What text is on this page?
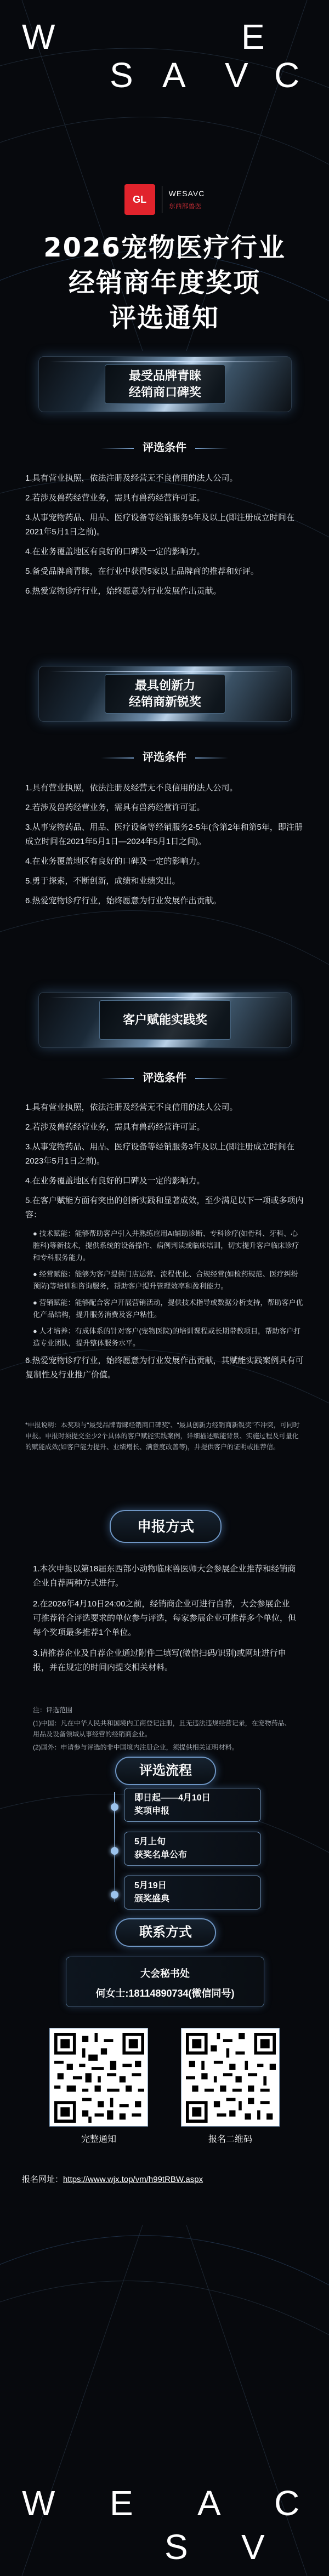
W	E
S A V C
GL
WESAVC
东西部兽医
2026宠物医疗行业
经销商年度奖项
评选通知
最受品牌青睐
经销商口碑奖
评选条件

1.具有营业执照，依法注册及经营无不良信用的法人公司。

2.若涉及兽药经营业务，需具有兽药经营许可证。

3.从事宠物药品、用品、医疗设备等经销服务5年及以上(即注册成立时间在2021年5月1日之前)。

4.在业务覆盖地区有良好的口碑及一定的影响力。

5.备受品牌商青睐，在行业中获得5家以上品牌商的推荐和好评。

6.热爱宠物诊疗行业，始终愿意为行业发展作出贡献。

最具创新力
经销商新锐奖
评选条件

1.具有营业执照，依法注册及经营无不良信用的法人公司。

2.若涉及兽药经营业务，需具有兽药经营许可证。

3.从事宠物药品、用品、医疗设备等经销服务2-5年(含第2年和第5年，即注册成立时间在2021年5月1日—2024年5月1日之间)。

4.在业务覆盖地区有良好的口碑及一定的影响力。

5.勇于探索，不断创新，成绩和业绩突出。

6.热爱宠物诊疗行业，始终愿意为行业发展作出贡献。

客户赋能实践奖
评选条件

1.具有营业执照，依法注册及经营无不良信用的法人公司。

2.若涉及兽药经营业务，需具有兽药经营许可证。

3.从事宠物药品、用品、医疗设备等经销服务3年及以上(即注册成立时间在2023年5月1日之前)。

4.在业务覆盖地区有良好的口碑及一定的影响力。

5.在客户赋能方面有突出的创新实践和显著成效，至少满足以下一项或多项内容：

● 技术赋能：能够帮助客户引入并熟练应用AI辅助诊断、专科诊疗(如骨科、牙科、心脏科)等新技术，提供系统的设备操作、病例判读或临床培训，切实提升客户临床诊疗和专科服务能力。

● 经营赋能：能够为客户提供门店运营、流程优化、合规经营(如检药规范、医疗纠纷预防)等培训和咨询服务，帮助客户提升管理效率和盈利能力。

● 营销赋能：能够配合客户开展营销活动，提供技术指导或数据分析支持，帮助客户优化产品结构，提升服务消费及客户粘性。

● 人才培养：有成体系的针对客户(宠物医院)的培训课程或长期带教项目，帮助客户打造专业团队，提升整体服务水平。

6.热爱宠物诊疗行业，始终愿意为行业发展作出贡献，其赋能实践案例具有可复制性及行业推广价值。

*申报说明：本奖项与“最受品牌青睐经销商口碑奖”、“最具创新力经销商新锐奖”不冲突，可同时申报。申报时须提交至少2个具体的客户赋能实践案例，详细描述赋能背景、实施过程及可量化的赋能成效(如客户能力提升、业绩增长、满意度改善等)，并提供客户的证明或推荐信。
申报方式

1.本次申报以第18届东西部小动物临床兽医师大会参展企业推荐和经销商企业自荐两种方式进行。

2.在2026年4月10日24:00之前，经销商企业可进行自荐，大会参展企业可推荐符合评选要求的单位参与评选，每家参展企业可推荐多个单位，但每个奖项最多推荐1个单位。

3.请推荐企业及自荐企业通过附件二填写(微信扫码/识别)或网址进行申报，并在规定的时间内提交相关材料。

注：评选范围

(1)中国：凡在中华人民共和国境内工商登记注册，且无违法违规经营记录，在宠物药品、用品及设备领域从事经营的经销商企业。

(2)国外：申请参与评选的非中国境内注册企业，须提供相关证明材料。

评选流程
即日起——4月10日
奖项申报
5月上旬
获奖名单公布
5月19日
颁奖盛典
联系方式
大会秘书处
何女士:18114890734(微信同号)
完整通知	报名二维码
报名网址：https://www.wjx.top/vm/h99tRBW.aspx
W E
S
A
V
C
